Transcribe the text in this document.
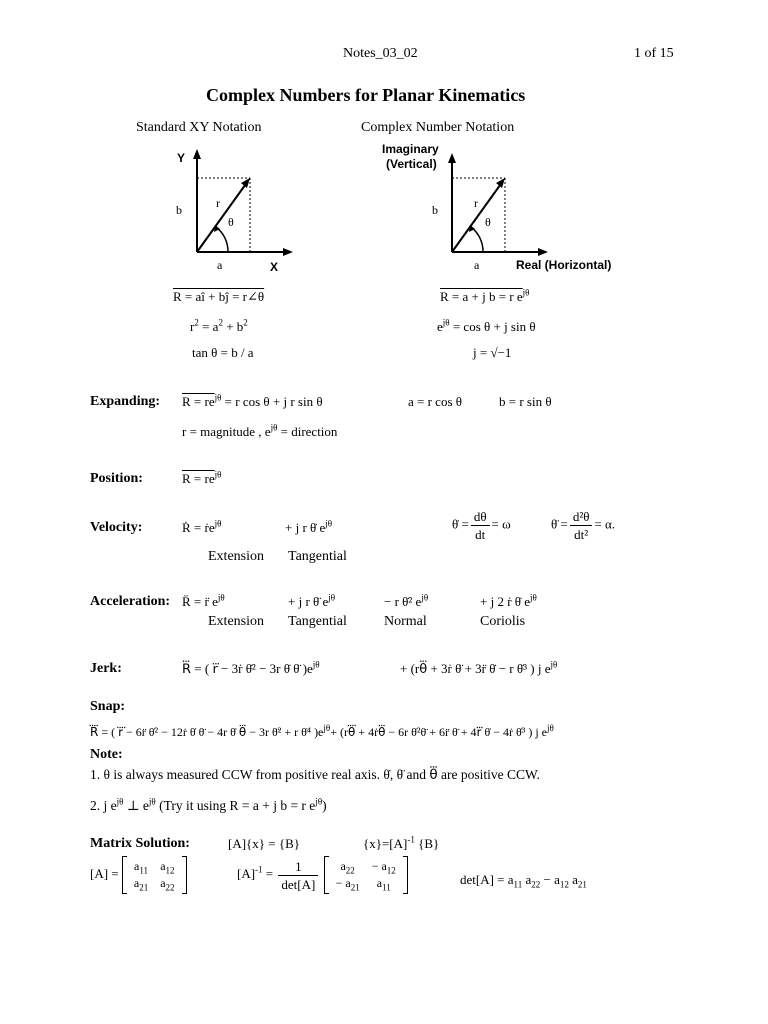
Notes_03_02	1 of 15
Complex Numbers for Planar Kinematics
Standard XY Notation
Y
b	r
θ
a	X
R = aî + bĵ = r∠θ
$r^2 = a^2 + b^2$
tan θ = b / a
Complex Number Notation
Imaginary
(Vertical)
b	r
θ
a	Real (Horizontal)
R = a + j b = r $e^{j\theta}$
$e^{j\theta} = \cos \theta + j$ sin θ
j = √−1
Expanding: $R = re^{j\theta} = r$ cos θ + j r sin θ	a = r cos θ	b = r sin θ
r = magnitude , $e^{j\theta}$ = direction
Position:	$R = re^{j\theta}$
Velocity:	Ṙ = ṙe$^{j\theta}$	+ j r θ̇ $e^{j\theta}$
Extension Tangential
θ̇ = $\frac{d\theta}{dt} = \omega$	θ̈ = $\frac{\text{d²θ}}{\text{dt²}} = \alpha$.
Acceleration: R̈ = r̈ $e^{j\theta}$	+ j r θ̈ $e^{j\theta}$	− r θ̇² $e^{j\theta}$	+ j 2 ṙ θ̇ $e^{j\theta}$
Extension Tangential	Normal	Coriolis
Jerk:	R⃛ = ( r⃛ − 3ṙ θ̇² − 3r θ̇ θ̈ )$e^{j\theta}$	+ (rθ⃛ + 3ṙ θ̈ + 3r̈ θ̇ − r θ̇³ ) j $e^{j\theta}$
Snap:
R⃜ = ( r⃜ − 6r̈ θ̇² − 12ṙ θ̇ θ̈ − 4r θ̇ θ⃛ − 3r θ̈² + r θ̇⁴ )$e^{j\theta}+$ (rθ⃜ + 4ṙθ⃛ − 6r θ̇²θ̈ + 6r̈ θ̈ + 4r⃛ θ̇ − 4ṙ θ̇³ ) j $e^{j\theta}$
Note:
1. θ is always measured CCW from positive real axis. θ̇, θ̈ and θ⃛ are positive CCW.
2. j $e^{j\theta}$ ⊥ $e^{j\theta}$ (Try it using R = a + j b = r $e^{j\theta}$)
Matrix Solution:	[A]{x} = {B}	$\{x\}=[A]^{-1}$ {B}
$[A] = a_{11}$	$a_{12}$
$a_{21}$	$a_{22}$
$[A]^{-1} = \frac{1}{\det[A]}$
$a_{22}$	− $a_{12}$
− $a_{21}$	$a_{11}$
$\det[A] = a_{11}$ $a_{22} - a_{12}$ $a_{21}$
